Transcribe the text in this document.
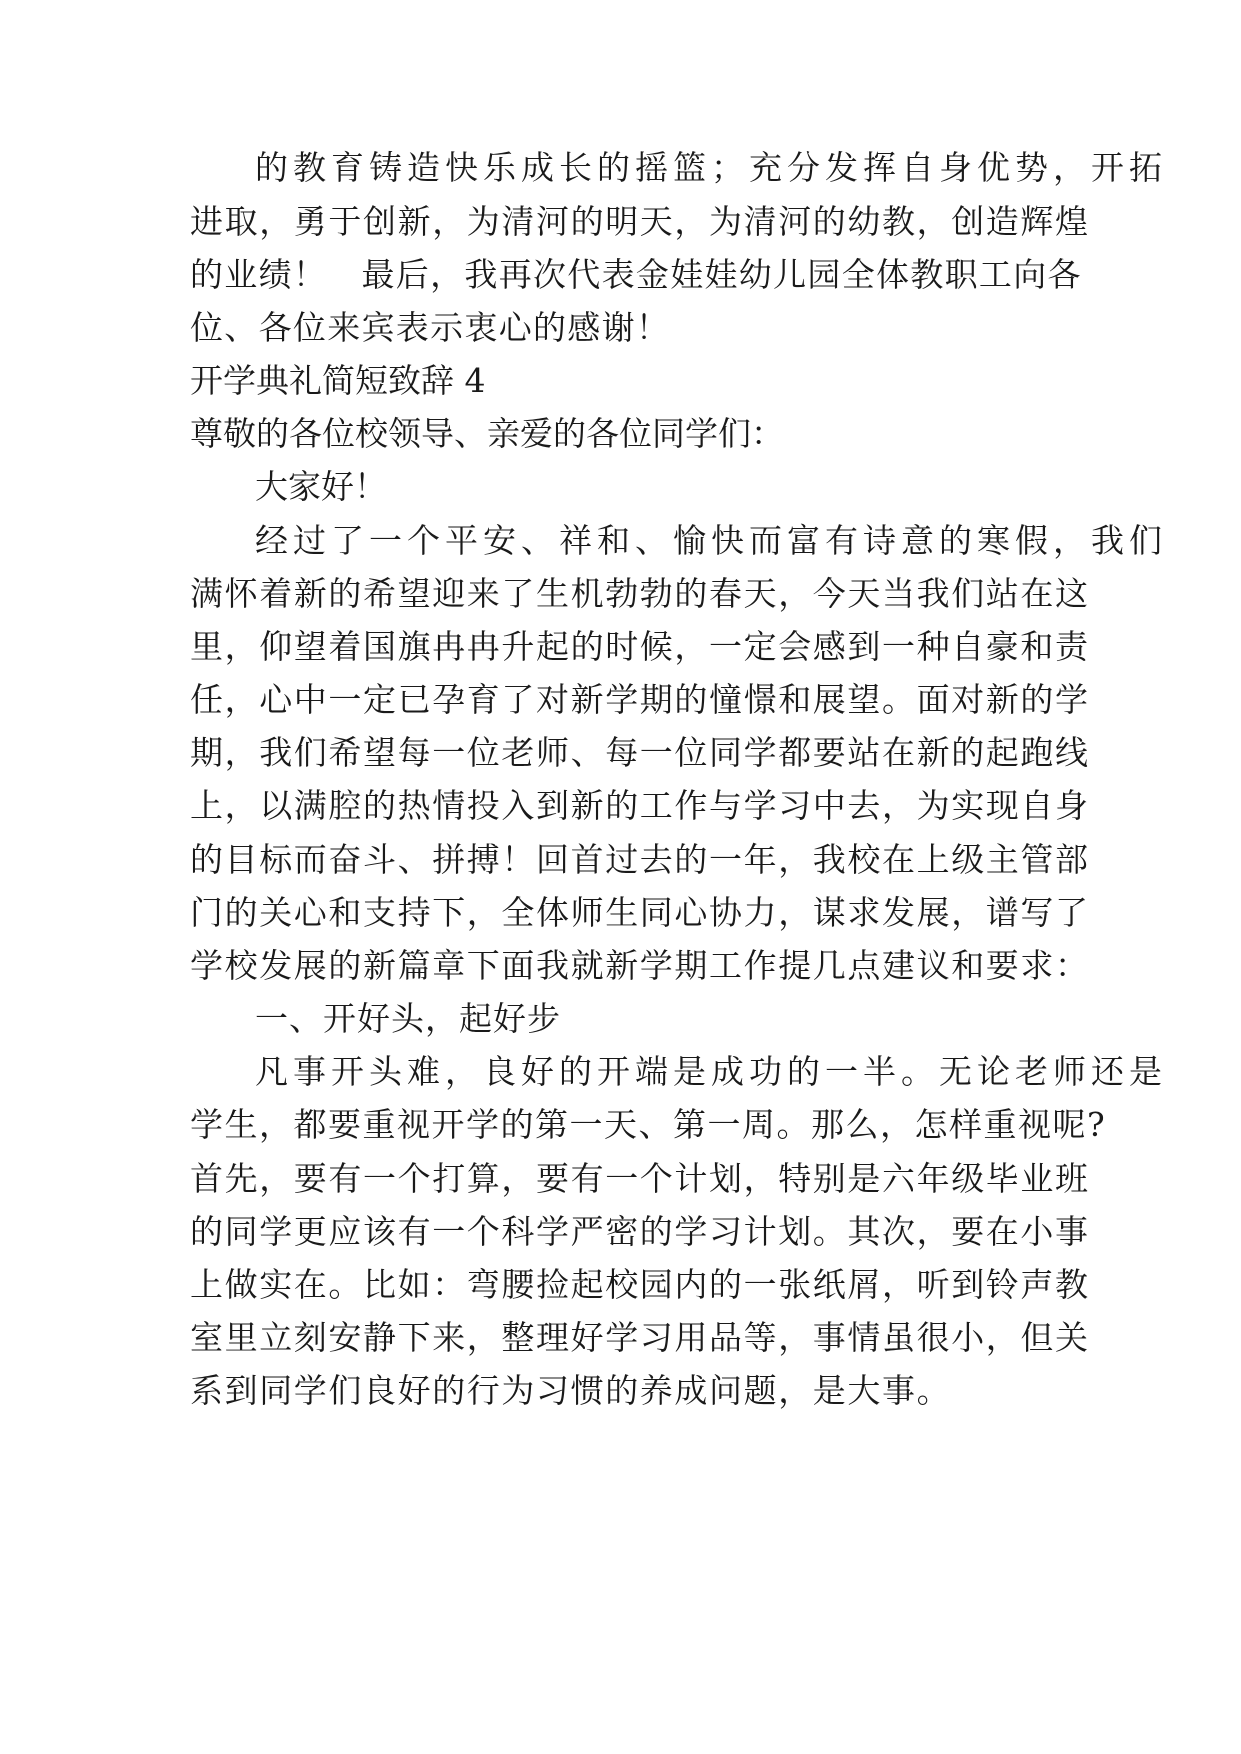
的教育铸造快乐成长的摇篮；充分发挥自身优势，开拓

进取，勇于创新，为清河的明天，为清河的幼教，创造辉煌

的业绩！　最后，我再次代表金娃娃幼儿园全体教职工向各

位、各位来宾表示衷心的感谢！

开学典礼简短致辞 4

尊敬的各位校领导、亲爱的各位同学们：

大家好！

经过了一个平安、祥和、愉快而富有诗意的寒假，我们

满怀着新的希望迎来了生机勃勃的春天，今天当我们站在这

里，仰望着国旗冉冉升起的时候，一定会感到一种自豪和责

任，心中一定已孕育了对新学期的憧憬和展望。面对新的学

期，我们希望每一位老师、每一位同学都要站在新的起跑线

上，以满腔的热情投入到新的工作与学习中去，为实现自身

的目标而奋斗、拼搏！回首过去的一年，我校在上级主管部

门的关心和支持下，全体师生同心协力，谋求发展，谱写了

学校发展的新篇章下面我就新学期工作提几点建议和要求：

一、开好头，起好步

凡事开头难，良好的开端是成功的一半。无论老师还是

学生，都要重视开学的第一天、第一周。那么，怎样重视呢?

首先，要有一个打算，要有一个计划，特别是六年级毕业班

的同学更应该有一个科学严密的学习计划。其次，要在小事

上做实在。比如：弯腰捡起校园内的一张纸屑，听到铃声教

室里立刻安静下来，整理好学习用品等，事情虽很小，但关

系到同学们良好的行为习惯的养成问题，是大事。
